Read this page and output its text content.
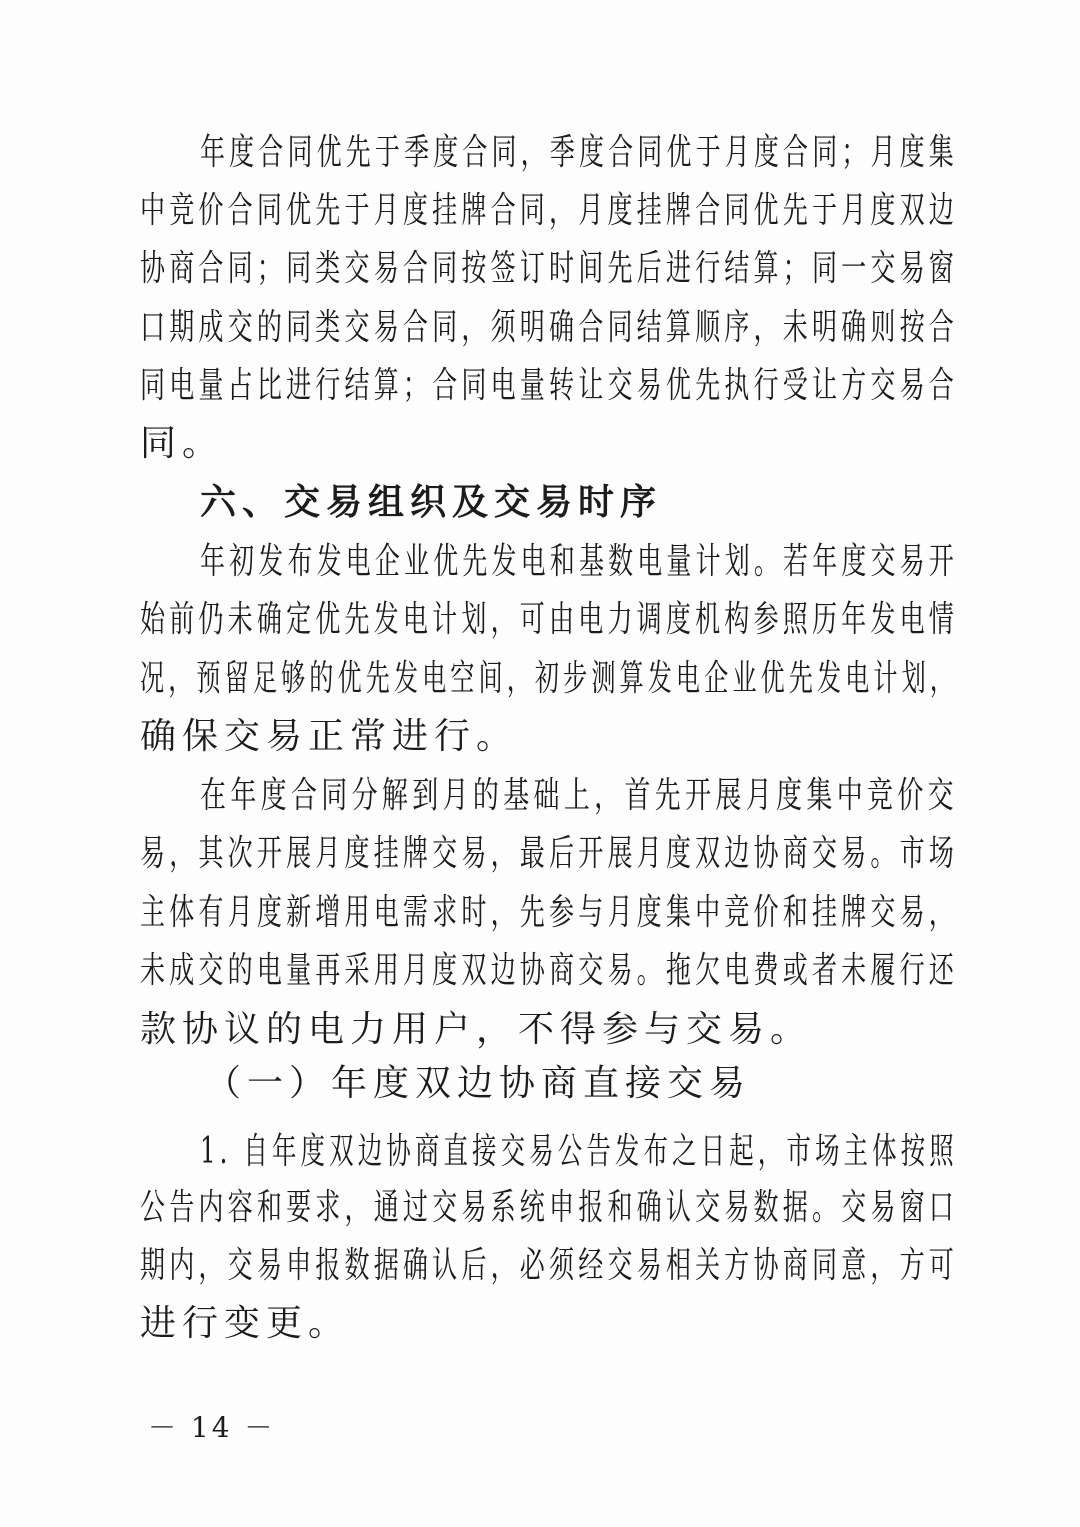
年度合同优先于季度合同，季度合同优于月度合同；月度集
中竞价合同优先于月度挂牌合同，月度挂牌合同优先于月度双边
协商合同；同类交易合同按签订时间先后进行结算；同一交易窗
口期成交的同类交易合同，须明确合同结算顺序，未明确则按合
同电量占比进行结算；合同电量转让交易优先执行受让方交易合
同。
六、交易组织及交易时序
年初发布发电企业优先发电和基数电量计划。若年度交易开
始前仍未确定优先发电计划，可由电力调度机构参照历年发电情
况，预留足够的优先发电空间，初步测算发电企业优先发电计划，
确保交易正常进行。
在年度合同分解到月的基础上，首先开展月度集中竞价交
易，其次开展月度挂牌交易，最后开展月度双边协商交易。市场
主体有月度新增用电需求时，先参与月度集中竞价和挂牌交易，
未成交的电量再采用月度双边协商交易。拖欠电费或者未履行还
款协议的电力用户，不得参与交易。
（一）年度双边协商直接交易
1. 自年度双边协商直接交易公告发布之日起，市场主体按照
公告内容和要求，通过交易系统申报和确认交易数据。交易窗口
期内，交易申报数据确认后，必须经交易相关方协商同意，方可
进行变更。
－ 14 －
